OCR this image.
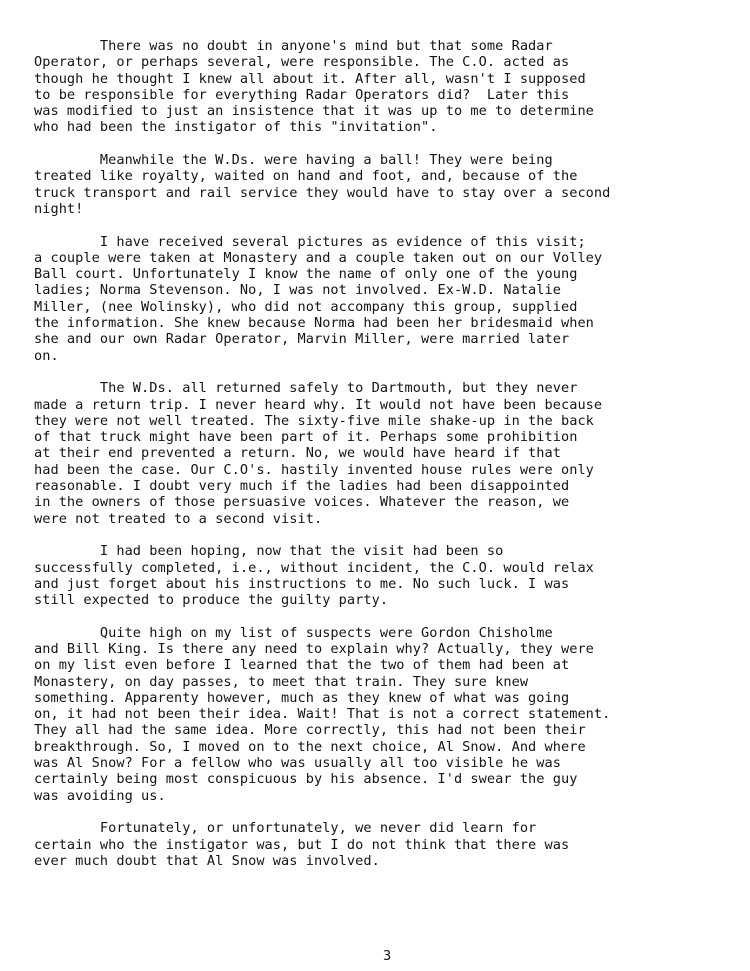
There was no doubt in anyone's mind but that some Radar
Operator, or perhaps several, were responsible. The C.O. acted as
though he thought I knew all about it. After all, wasn't I supposed
to be responsible for everything Radar Operators did?  Later this
was modified to just an insistence that it was up to me to determine
who had been the instigator of this "invitation".
Meanwhile the W.Ds. were having a ball! They were being
treated like royalty, waited on hand and foot, and, because of the
truck transport and rail service they would have to stay over a second
night!
I have received several pictures as evidence of this visit;
a couple were taken at Monastery and a couple taken out on our Volley
Ball court. Unfortunately I know the name of only one of the young
ladies; Norma Stevenson. No, I was not involved. Ex-W.D. Natalie
Miller, (nee Wolinsky), who did not accompany this group, supplied
the information. She knew because Norma had been her bridesmaid when
she and our own Radar Operator, Marvin Miller, were married later
on.
The W.Ds. all returned safely to Dartmouth, but they never
made a return trip. I never heard why. It would not have been because
they were not well treated. The sixty-five mile shake-up in the back
of that truck might have been part of it. Perhaps some prohibition
at their end prevented a return. No, we would have heard if that
had been the case. Our C.O's. hastily invented house rules were only
reasonable. I doubt very much if the ladies had been disappointed
in the owners of those persuasive voices. Whatever the reason, we
were not treated to a second visit.
I had been hoping, now that the visit had been so
successfully completed, i.e., without incident, the C.O. would relax
and just forget about his instructions to me. No such luck. I was
still expected to produce the guilty party.
Quite high on my list of suspects were Gordon Chisholme
and Bill King. Is there any need to explain why? Actually, they were
on my list even before I learned that the two of them had been at
Monastery, on day passes, to meet that train. They sure knew
something. Apparenty however, much as they knew of what was going
on, it had not been their idea. Wait! That is not a correct statement.
They all had the same idea. More correctly, this had not been their
breakthrough. So, I moved on to the next choice, Al Snow. And where
was Al Snow? For a fellow who was usually all too visible he was
certainly being most conspicuous by his absence. I'd swear the guy
was avoiding us.
Fortunately, or unfortunately, we never did learn for
certain who the instigator was, but I do not think that there was
ever much doubt that Al Snow was involved.
3
